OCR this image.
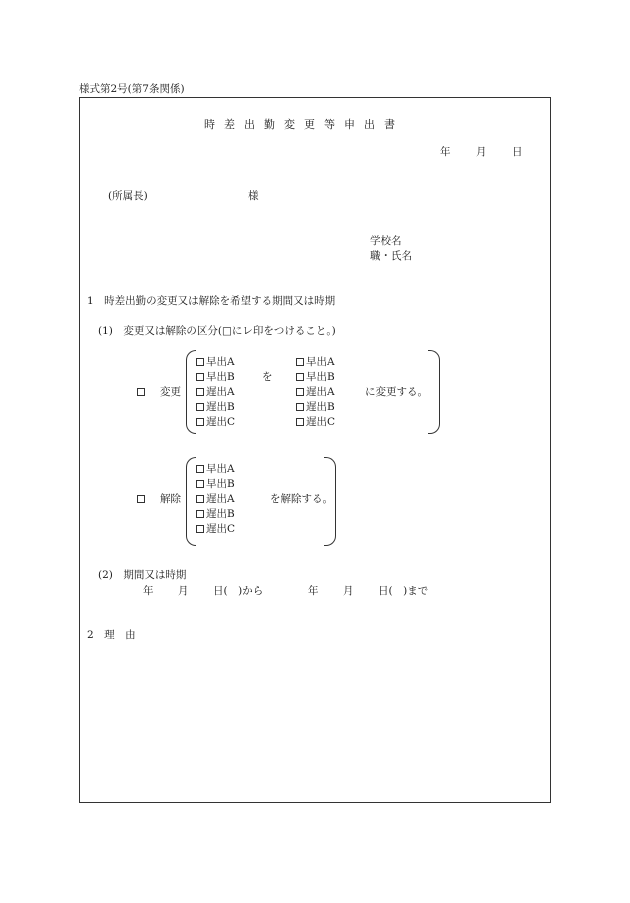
様式第2号(第7条関係)
時差出勤変更等申出書
年 月 日
(所属長)	様
学校名
職・氏名
1　時差出勤の変更又は解除を希望する期間又は時期
(1)　変更又は解除の区分(□にレ印をつけること。)
変更
早出A
早出B
遅出A
遅出B
遅出C
を
早出A
早出B
遅出A
遅出B
遅出C
に変更する。
解除
早出A
早出B
遅出A
遅出B
遅出C
を解除する。
(2)　期間又は時期
年 月 日(　)から	年 月 日(　)まで
2　理　由
